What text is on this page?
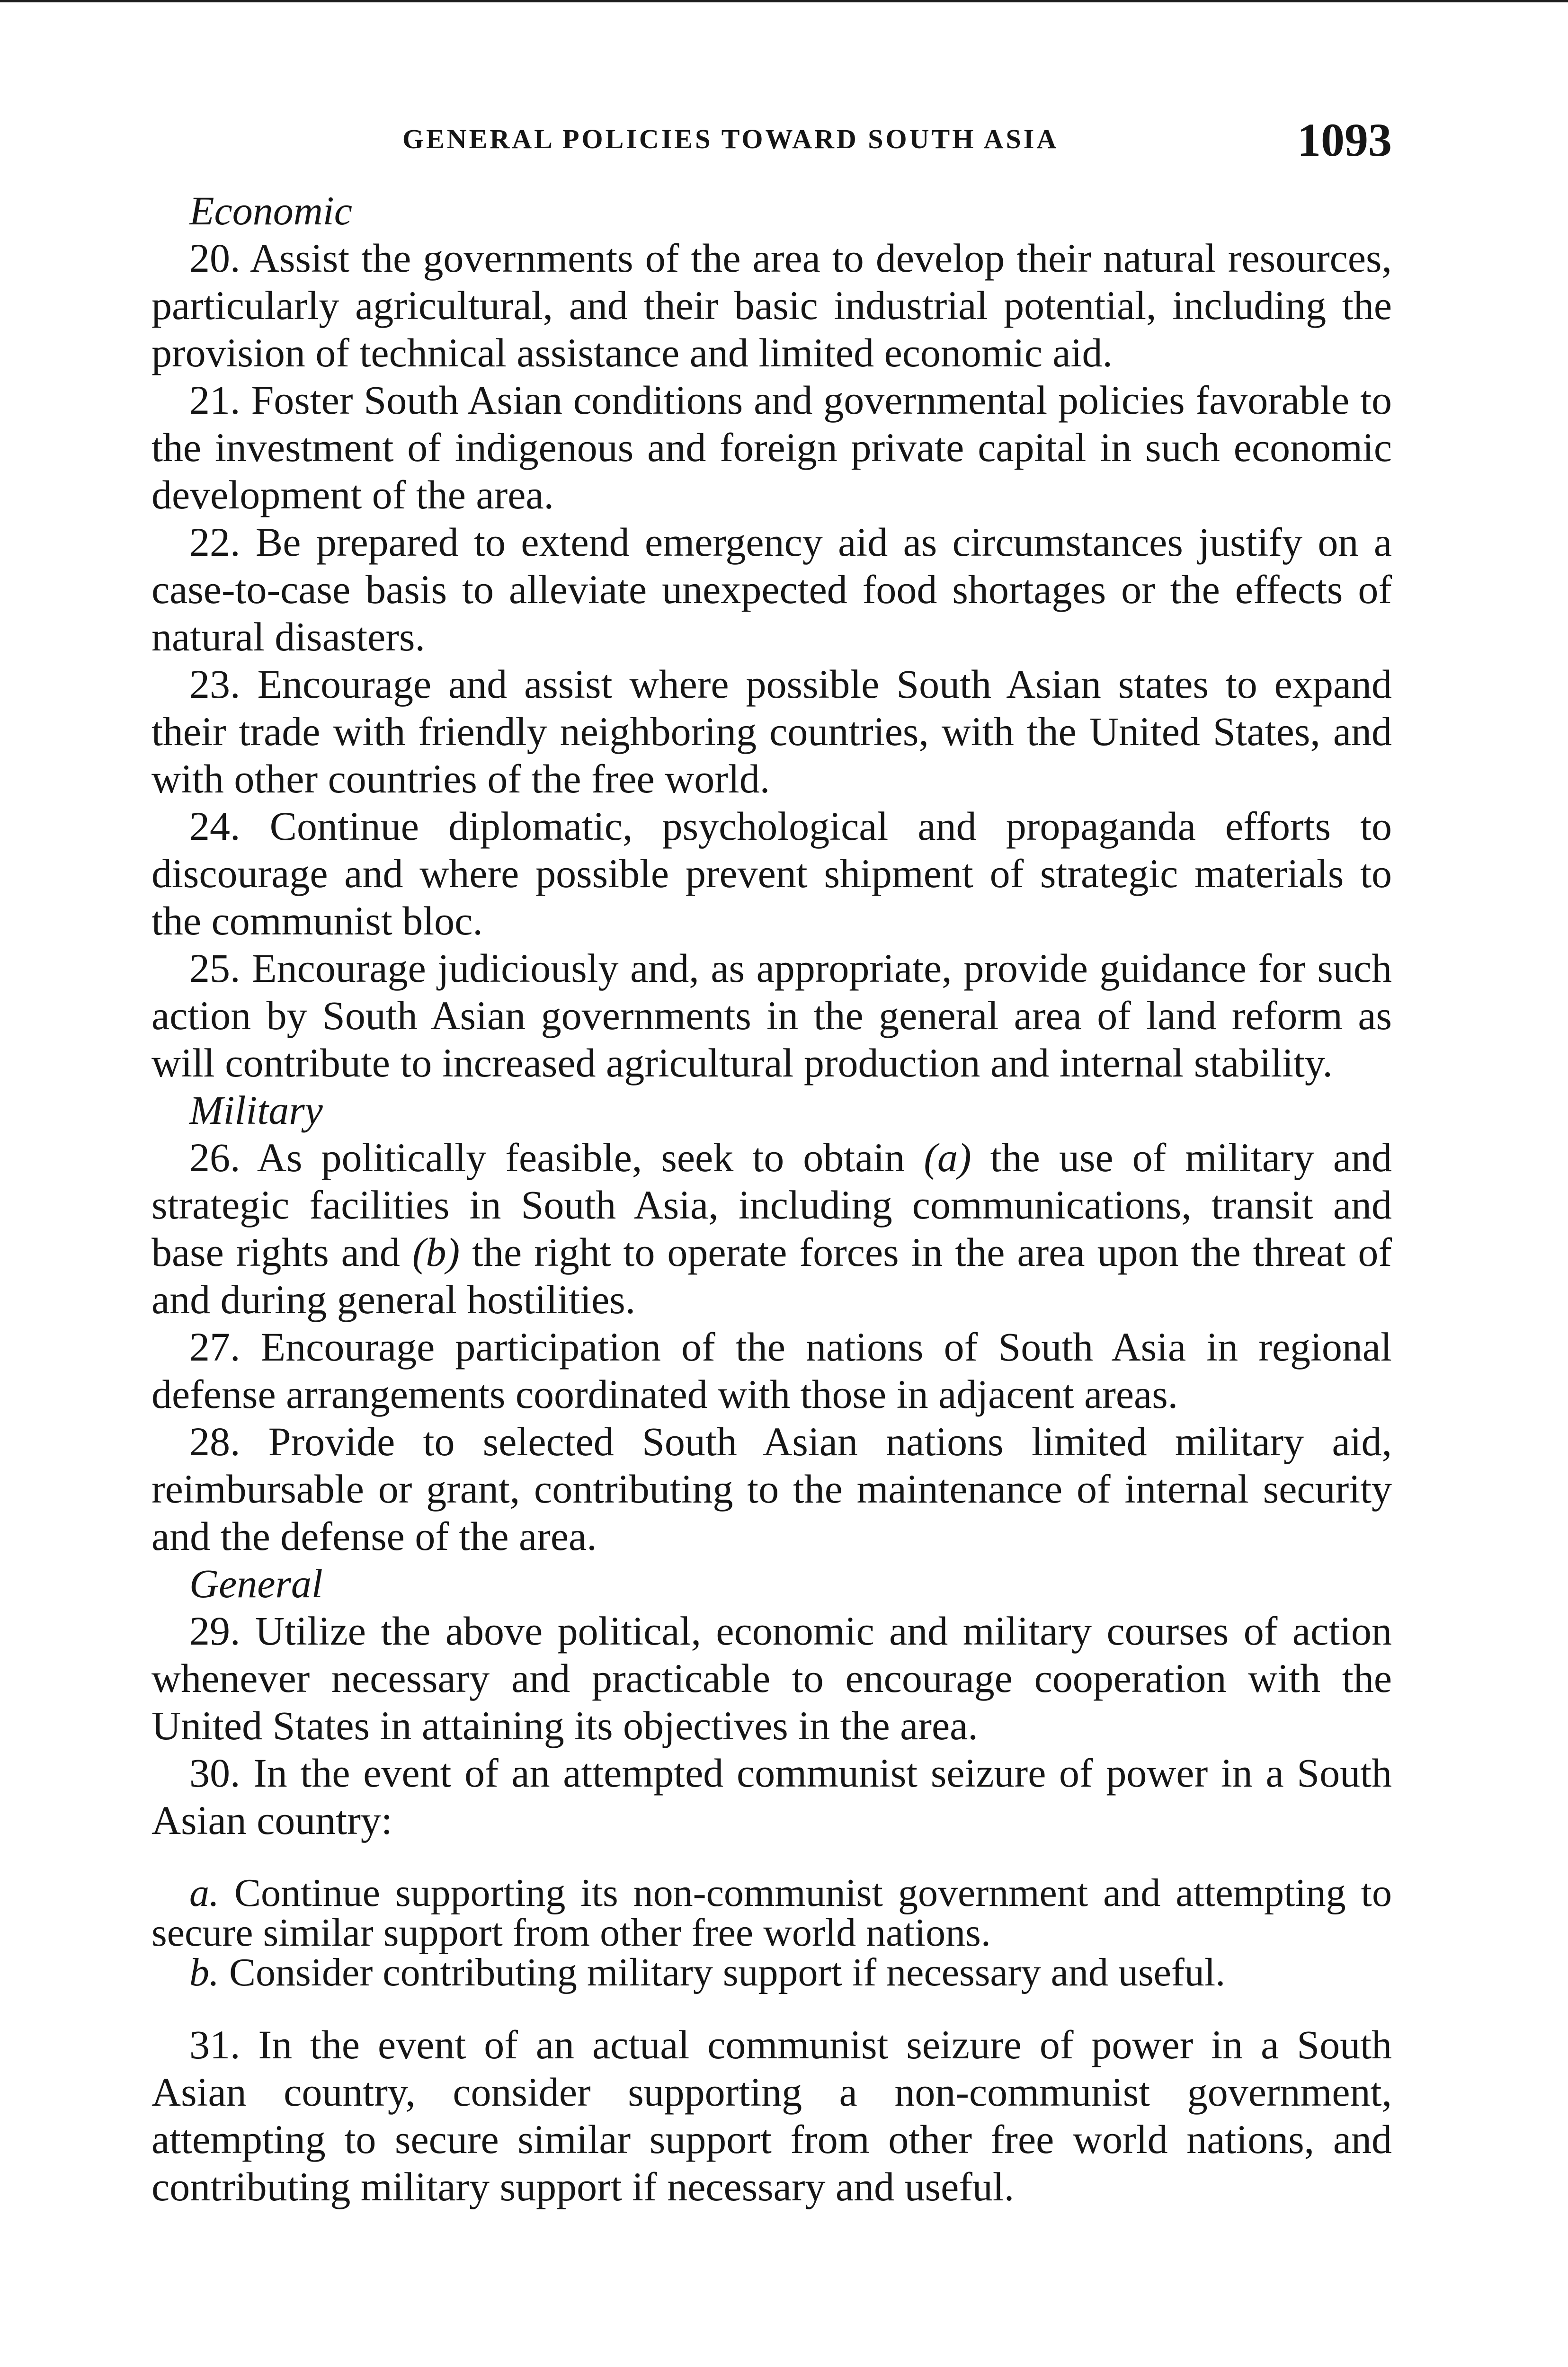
GENERAL POLICIES TOWARD SOUTH ASIA	1093
Economic

20. Assist the governments of the area to develop their natural resources, particularly agricultural, and their basic industrial potential, including the provision of technical assistance and limited economic aid.

21. Foster South Asian conditions and governmental policies favorable to the investment of indigenous and foreign private capital in such economic development of the area.

22. Be prepared to extend emergency aid as circumstances justify on a case-to-case basis to alleviate unexpected food shortages or the effects of natural disasters.

23. Encourage and assist where possible South Asian states to expand their trade with friendly neighboring countries, with the United States, and with other countries of the free world.

24. Continue diplomatic, psychological and propaganda efforts to discourage and where possible prevent shipment of strategic materials to the communist bloc.

25. Encourage judiciously and, as appropriate, provide guidance for such action by South Asian governments in the general area of land reform as will contribute to increased agricultural production and internal stability.

Military

26. As politically feasible, seek to obtain (a) the use of military and strategic facilities in South Asia, including communications, transit and base rights and (b) the right to operate forces in the area upon the threat of and during general hostilities.

27. Encourage participation of the nations of South Asia in regional defense arrangements coordinated with those in adjacent areas.

28. Provide to selected South Asian nations limited military aid, reimbursable or grant, contributing to the maintenance of internal security and the defense of the area.

General

29. Utilize the above political, economic and military courses of action whenever necessary and practicable to encourage cooperation with the United States in attaining its objectives in the area.

30. In the event of an attempted communist seizure of power in a South Asian country:

a. Continue supporting its non-communist government and attempting to secure similar support from other free world nations.

b. Consider contributing military support if necessary and useful.

31. In the event of an actual communist seizure of power in a South Asian country, consider supporting a non-communist government, attempting to secure similar support from other free world nations, and contributing military support if necessary and useful.
